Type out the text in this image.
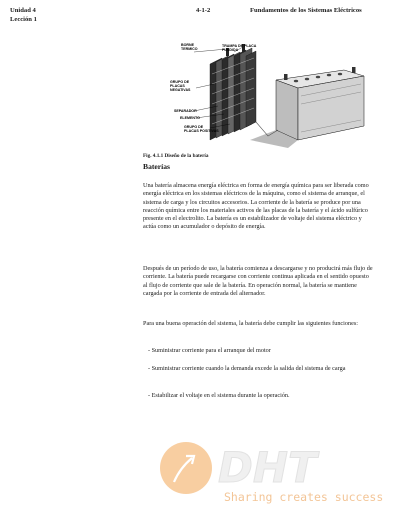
Unidad 4
Lección 1
4-1-2	Fundamentos de los Sistemas Eléctricos
BORNE
TERMICO
TRAMPA DE PLACA
FUNDIDA
GRUPO DE
PLACAS
NEGATIVAS
SEPARADOR
ELEMENTO
GRUPO DE
PLACAS POSITIVAS
Fig. 4.1.1 Diseño de la batería
Baterías

Una batería almacena energía eléctrica en forma de energía química para ser liberada como energía eléctrica en los sistemas eléctricos de la máquina, como el sistema de arranque, el sistema de carga y los circuitos accesorios. La corriente de la batería se produce por una reacción química entre los materiales activos de las placas de la batería y el ácido sulfúrico presente en el electrolito. La batería es un estabilizador de voltaje del sistema eléctrico y actúa como un acumulador o depósito de energía.

Después de un período de uso, la batería comienza a descargarse y no producirá más flujo de corriente. La batería puede recargarse con corriente continua aplicada en el sentido opuesto al flujo de corriente que sale de la batería. En operación normal, la batería se mantiene cargada por la corriente de entrada del alternador.

Para una buena operación del sistema, la batería debe cumplir las siguientes funciones:

- Suministrar corriente para el arranque del motor

- Suministrar corriente cuando la demanda excede la salida del sistema de carga

- Estabilizar el voltaje en el sistema durante la operación.

DHT
Sharing creates success
